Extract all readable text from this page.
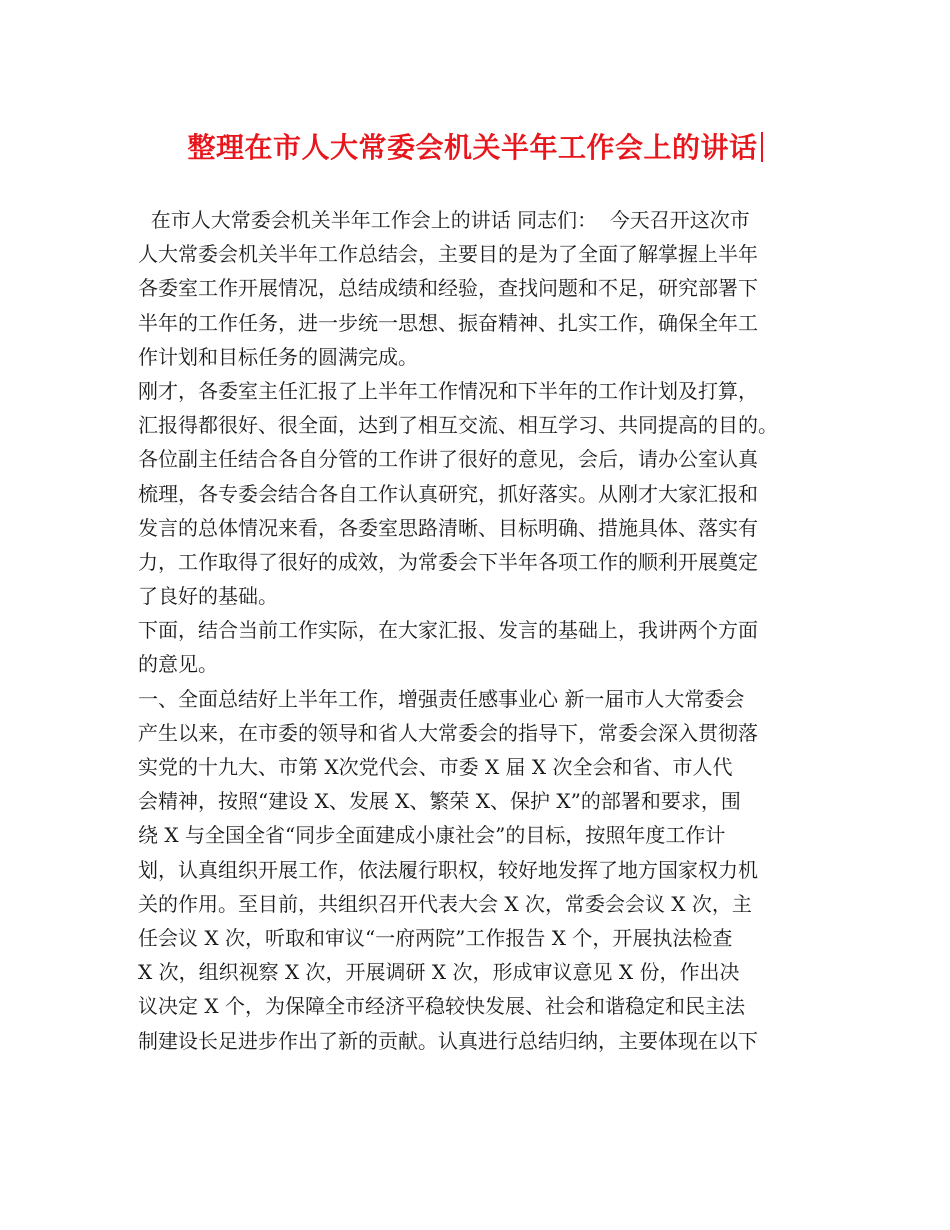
整理在市人大常委会机关半年工作会上的讲话
在市人大常委会机关半年工作会上的讲话 同志们：  今天召开这次市
人大常委会机关半年工作总结会，主要目的是为了全面了解掌握上半年
各委室工作开展情况，总结成绩和经验，查找问题和不足，研究部署下
半年的工作任务，进一步统一思想、振奋精神、扎实工作，确保全年工
作计划和目标任务的圆满完成。
刚才，各委室主任汇报了上半年工作情况和下半年的工作计划及打算，
汇报得都很好、很全面，达到了相互交流、相互学习、共同提高的目的。
各位副主任结合各自分管的工作讲了很好的意见，会后，请办公室认真
梳理，各专委会结合各自工作认真研究，抓好落实。从刚才大家汇报和
发言的总体情况来看，各委室思路清晰、目标明确、措施具体、落实有
力，工作取得了很好的成效，为常委会下半年各项工作的顺利开展奠定
了良好的基础。
下面，结合当前工作实际，在大家汇报、发言的基础上，我讲两个方面
的意见。
一、全面总结好上半年工作，增强责任感事业心 新一届市人大常委会
产生以来，在市委的领导和省人大常委会的指导下，常委会深入贯彻落
实党的十九大、市第 X次党代会、市委 X 届 X 次全会和省、市人代
会精神，按照“建设 X、发展 X、繁荣 X、保护 X”的部署和要求，围
绕 X 与全国全省“同步全面建成小康社会”的目标，按照年度工作计
划，认真组织开展工作，依法履行职权，较好地发挥了地方国家权力机
关的作用。至目前，共组织召开代表大会 X 次，常委会会议 X 次，主
任会议 X 次，听取和审议“一府两院”工作报告 X 个，开展执法检查
X 次，组织视察 X 次，开展调研 X 次，形成审议意见 X 份，作出决
议决定 X 个，为保障全市经济平稳较快发展、社会和谐稳定和民主法
制建设长足进步作出了新的贡献。认真进行总结归纳，主要体现在以下
